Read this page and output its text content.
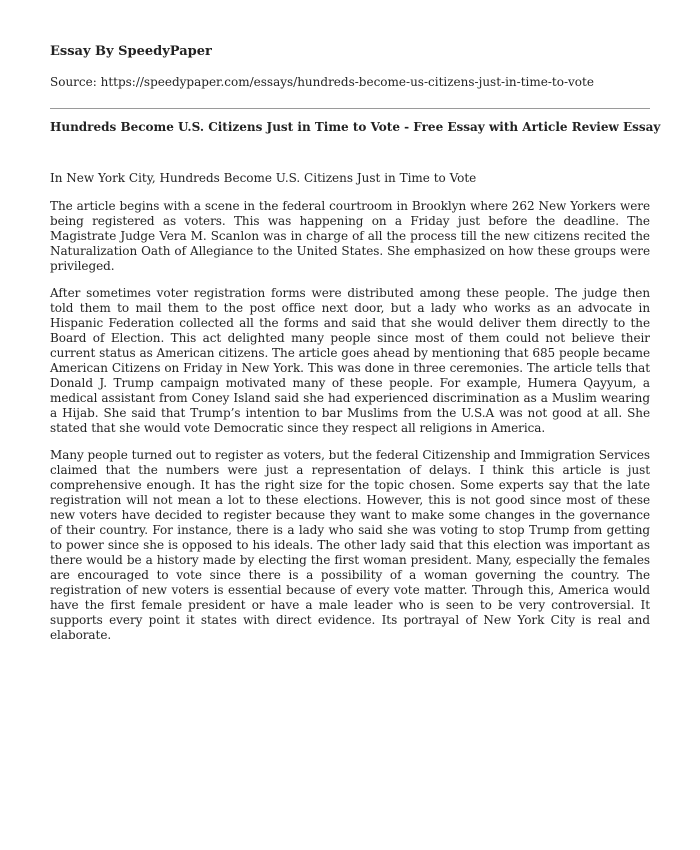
Essay By SpeedyPaper
Source: https://speedypaper.com/essays/hundreds-become-us-citizens-just-in-time-to-vote
Hundreds Become U.S. Citizens Just in Time to Vote - Free Essay with Article Review Essay

In New York City, Hundreds Become U.S. Citizens Just in Time to Vote

The article begins with a scene in the federal courtroom in Brooklyn where 262 New Yorkers were being registered as voters. This was happening on a Friday just before the deadline. The Magistrate Judge Vera M. Scanlon was in charge of all the process till the new citizens recited the Naturalization Oath of Allegiance to the United States. She emphasized on how these groups were privileged.

After sometimes voter registration forms were distributed among these people. The judge then told them to mail them to the post office next door, but a lady who works as an advocate in Hispanic Federation collected all the forms and said that she would deliver them directly to the Board of Election. This act delighted many people since most of them could not believe their current status as American citizens. The article goes ahead by mentioning that 685 people became American Citizens on Friday in New York. This was done in three ceremonies. The article tells that Donald J. Trump campaign motivated many of these people. For example, Humera Qayyum, a medical assistant from Coney Island said she had experienced discrimination as a Muslim wearing a Hijab. She said that Trump’s intention to bar Muslims from the U.S.A was not good at all. She stated that she would vote Democratic since they respect all religions in America.

Many people turned out to register as voters, but the federal Citizenship and Immigration Services claimed that the numbers were just a representation of delays. I think this article is just comprehensive enough. It has the right size for the topic chosen. Some experts say that the late registration will not mean a lot to these elections. However, this is not good since most of these new voters have decided to register because they want to make some changes in the governance of their country. For instance, there is a lady who said she was voting to stop Trump from getting to power since she is opposed to his ideals. The other lady said that this election was important as there would be a history made by electing the first woman president. Many, especially the females are encouraged to vote since there is a possibility of a woman governing the country. The registration of new voters is essential because of every vote matter. Through this, America would have the first female president or have a male leader who is seen to be very controversial. It supports every point it states with direct evidence. Its portrayal of New York City is real and elaborate.
